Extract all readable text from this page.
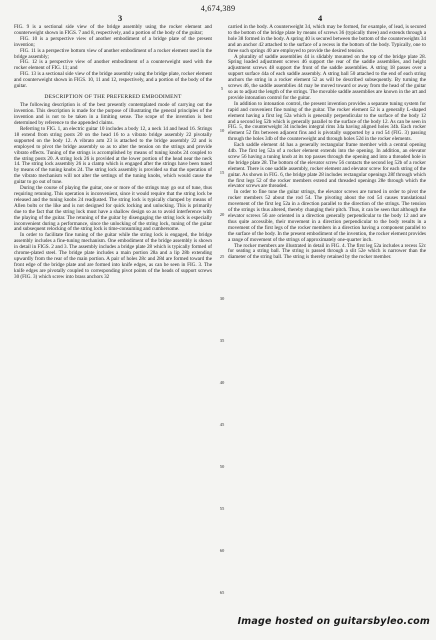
4,674,389
3	4

FIG. 9 is a sectional side view of the bridge assembly using the rocker element and counterweight shown in FIGS. 7 and 8, respectively, and a portion of the body of the guitar;

FIG. 10 is a perspective view of another embodiment of a bridge plate of the present invention;

FIG. 11 is a perspective bottom view of another embodiment of a rocker element used in the bridge assembly;

FIG. 12 is a perspective view of another embodiment of a counterweight used with the rocker element of FIG. 11; and

FIG. 13 is a sectional side view of the bridge assembly using the bridge plate, rocker element and counterweight shown in FIGS. 10, 11 and 12, respectively, and a portion of the body of the guitar.

DESCRIPTION OF THE PREFERRED EMBODIMENT

The following description is of the best presently contemplated mode of carrying out the invention. This description is made for the purpose of illustrating the general principles of the invention and is not to be taken in a limiting sense. The scope of the invention is best determined by reference to the appended claims.

Referring to FIG. 1, an electric guitar 10 includes a body 12, a neck 14 and head 16. Strings 18 extend from string posts 20 on the head 16 to a vibrato bridge assembly 22 pivotally supported on the body 12. A vibrato arm 23 is attached to the bridge assembly 22 and is employed to pivot the bridge assembly so as to alter the tension on the strings and provide vibrato effects. Tuning of the strings is accomplished by means of tuning knobs 24 coupled to the string posts 20. A string lock 26 is provided at the lower portion of the head near the neck 14. The string lock assembly 26 is a clamp which is engaged after the strings have been tuned by means of the tuning knobs 24. The string lock assembly is provided so that the operation of the vibrato mechanism will not alter the settings of the tuning knobs, which would cause the guitar to go out of tune.

During the course of playing the guitar, one or more of the strings may go out of tune, thus requiring retuning. This operation is inconvenient, since it would require that the string lock be released and the tuning knobs 24 readjusted. The string lock is typically clamped by means of Allen bolts or the like and is not designed for quick locking and unlocking. This is primarily due to the fact that the string lock must have a shallow design so as to avoid interference with the playing of the guitar. The retuning of the guitar by disengaging the string lock is especially inconvenient during a performance, since the unlocking of the string lock, tuning of the guitar and subsequent relocking of the string lock is time-consuming and cumbersome.

In order to facilitate fine tuning of the guitar while the string lock is engaged, the bridge assembly includes a fine-tuning mechanism. One embodiment of the bridge assembly is shown in detail in FIGS. 2 and 3. The assembly includes a bridge plate 28 which is typically formed of chrome-plated steel. The bridge plate includes a main portion 28a and a lip 28b extending upwardly from the rear of the main portion. A pair of holes 28c and 28d are formed toward the front edge of the bridge plate and are formed into knife edges, as can be seen in FIG. 3. The knife edges are pivotally coupled to corresponding pivot points of the heads of support screws 30 (FIG. 3) which screw into brass anchors 32

5
10
15
20
25
30
35
40
45
50
55
60
65

carried in the body. A counterweight 34, which may be formed, for example, of lead, is secured to the bottom of the bridge plate by means of screws 36 (typically three) and extends through a hole 38 formed in the body. A spring 40 is secured between the bottom of the counterweights 34 and an anchor 42 attached to the surface of a recess in the bottom of the body. Typically, one to three such springs 40 are employed to provide the desired tension.

A plurality of saddle assemblies 44 is slidably mounted on the top of the bridge plate 28. Spring loaded adjustment screws 46 support the rear of the saddle assemblies, and height adjustment screws 48 support the front of the saddle assemblies. A string 18 passes over a support surface 44a of each saddle assembly. A string ball 50 attached to the end of each string anchors the string in a rocker element 52 as will be described subsequently. By turning the screws 46, the saddle assemblies 44 may be moved toward or away from the head of the guitar so as to adjust the length of the strings. The movable saddle assemblies are known in the art and provide intonation control for the guitar.

In addition to intonation control, the present invention provides a separate tuning system for rapid and convenient fine tuning of the guitar. The rocker element 52 is a generally L-shaped element having a first leg 52a which is generally perpendicular to the surface of the body 12 and a second leg 52b which is generally parallel to the surface of the body 12. As can be seen in FIG. 5, the counterweight 34 includes integral rims 34a having aligned holes 34b. Each rocker element 52 fits between adjacent fins and is pivotally supported by a rod 54 (FIG. 3) passing through the holes 34b of the counterweight and through holes 52d in the rocker elements.

Each saddle element 44 has a generally rectangular frame member with a central opening 44b. The first leg 52a of a rocker element extends into the opening. In addition, an elevator screw 56 having a tuning knob at its top passes through the opening and into a threaded hole in the bridge plate 28. The bottom of the elevator screw 56 contacts the second leg 52b of a rocker element. There is one saddle assembly, rocker element and elevator screw for each string of the guitar. As shown in FIG. 6, the bridge plate 28 includes rectangular openings 28f through which the first legs 52 of the rocker members extend and threaded openings 28e through which the elevator screws are threaded.

In order to fine tune the guitar strings, the elevator screws are turned in order to pivot the rocker members 52 about the rod 54. The pivoting about the rod 54 causes translational movement of the first leg 52a in a direction parallel to the direction of the strings. The tension of the strings is thus altered, thereby changing their pitch. Thus, it can be seen that although the elevator screws 56 are oriented in a direction generally perpendicular to the body 12 and are thus quite accessible, their movement in a direction perpendicular to the body results in a movement of the first legs of the rocker members in a direction having a component parallel to the surface of the body. In the present embodiment of the invention, the rocker element provides a range of movement of the strings of approximately one-quarter inch.

The rocker members are illustrated in detail in FIG. 4. The first leg 52a includes a recess 52c for seating a string ball. The string is passed through a slit 52e which is narrower than the diameter of the string ball. The string is thereby retained by the rocker member.

Image hosted on guitarsbyleo.com
